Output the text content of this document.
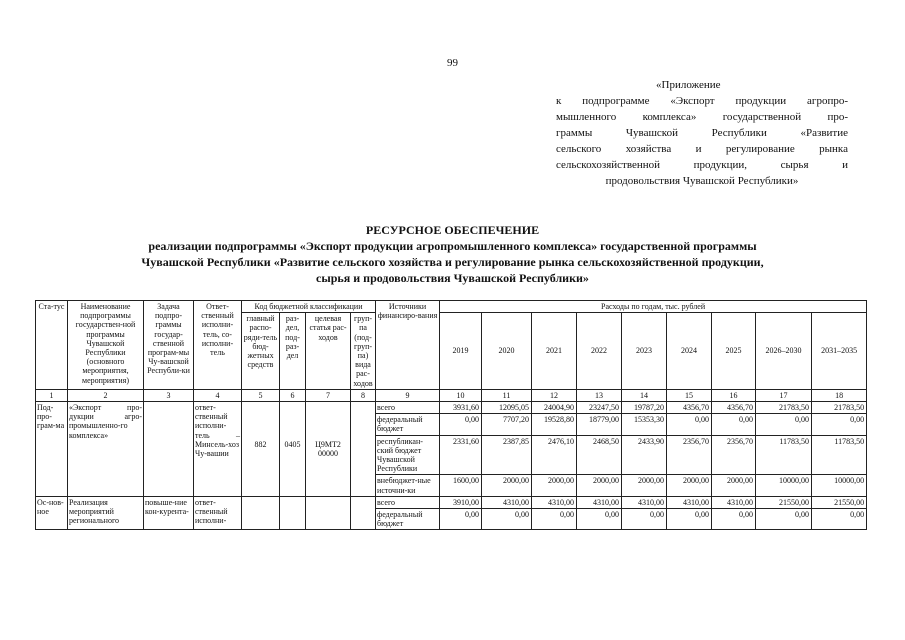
99
«Приложение
к подпрограмме «Экспорт продукции агропро-
мышленного комплекса» государственной про-
граммы Чувашской Республики «Развитие
сельского хозяйства и регулирование рынка
сельскохозяйственной продукции, сырья и
продовольствия Чувашской Республики»
РЕСУРСНОЕ ОБЕСПЕЧЕНИЕ
реализации подпрограммы «Экспорт продукции агропромышленного комплекса» государственной программы
Чувашской Республики «Развитие сельского хозяйства и регулирование рынка сельскохозяйственной продукции,
сырья и продовольствия Чувашской Республики»
Ста-тус	Наименование подпрограммы государствен-ной программы Чувашской Республики (основного мероприятия, мероприятия)	Задача подпро-граммы государ-ственной програм-мы Чу-вашской Республи-ки	Ответ-ственный исполни-тель, со-исполни-тель	Код бюджетной классификации				Источники финансиро-вания	Расходы по годам, тыс. рублей								
				главный распо-ряди-тель бюд-жетных средств	раз-дел, под-раз-дел	целевая статья рас-ходов	груп-па (под-груп-па) вида рас-ходов		2019	2020	2021	2022	2023	2024	2025	2026–2030	2031–2035
1	2	3	4	5	6	7	8	9	10	11	12	13	14	15	16	17	18
Под-про-грам-ма	«Экспорт про-дукции агро-промышленно-го комплекса»		ответ-ственный исполни-тель – Минсель-хоз Чу-вашии	882	0405	Ц9МТ2 00000		всего	3931,60	12095,05	24004,90	23247,50	19787,20	4356,70	4356,70	21783,50	21783,50
								федеральный бюджет	0,00	7707,20	19528,80	18779,00	15353,30	0,00	0,00	0,00	0,00
								республикан-ский бюджет Чувашской Республики	2331,60	2387,85	2476,10	2468,50	2433,90	2356,70	2356,70	11783,50	11783,50
								внебюджет-ные источни-ки	1600,00	2000,00	2000,00	2000,00	2000,00	2000,00	2000,00	10000,00	10000,00
Ос-нов-ное	Реализация мероприятий регионального	повыше-ние кон-курента-	ответ-ственный исполни-					всего	3910,00	4310,00	4310,00	4310,00	4310,00	4310,00	4310,00	21550,00	21550,00
								федеральный бюджет	0,00	0,00	0,00	0,00	0,00	0,00	0,00	0,00	0,00
